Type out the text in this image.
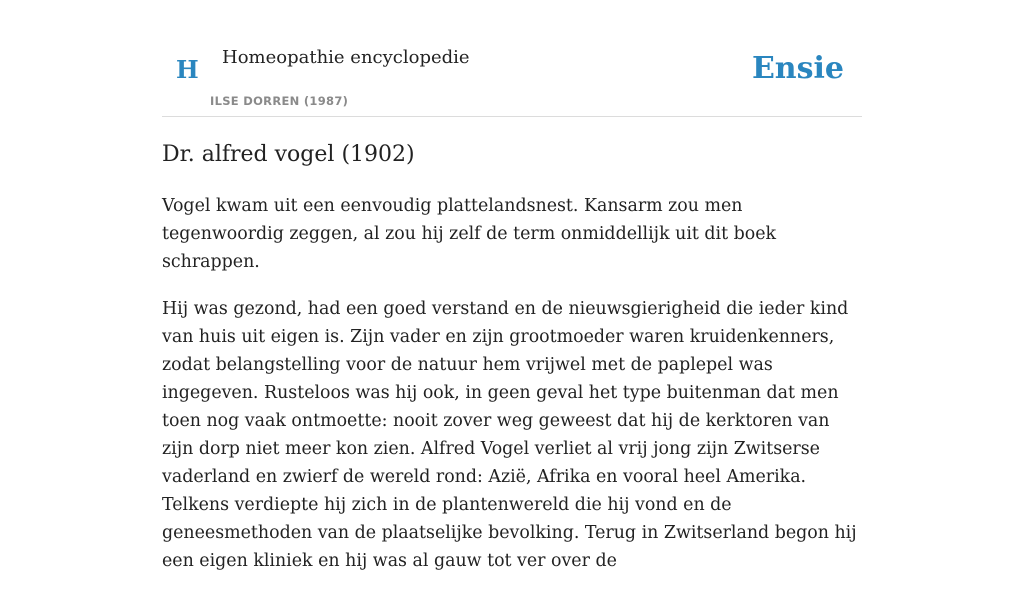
H Homeopathie encyclopedie
ILSE DORREN (1987)
Ensie
Dr. alfred vogel (1902)

Vogel kwam uit een eenvoudig plattelandsnest. Kansarm zou men tegenwoordig zeggen, al zou hij zelf de term onmiddellijk uit dit boek schrappen.

Hij was gezond, had een goed verstand en de nieuwsgierigheid die ieder kind van huis uit eigen is. Zijn vader en zijn grootmoeder waren kruidenkenners, zodat belangstelling voor de natuur hem vrijwel met de paplepel was ingegeven. Rusteloos was hij ook, in geen geval het type buitenman dat men toen nog vaak ontmoette: nooit zover weg geweest dat hij de kerktoren van zijn dorp niet meer kon zien. Alfred Vogel verliet al vrij jong zijn Zwitserse vaderland en zwierf de wereld rond: Azië, Afrika en vooral heel Amerika. Telkens verdiepte hij zich in de plantenwereld die hij vond en de geneesmethoden van de plaatselijke bevolking. Terug in Zwitserland begon hij een eigen kliniek en hij was al gauw tot ver over de
